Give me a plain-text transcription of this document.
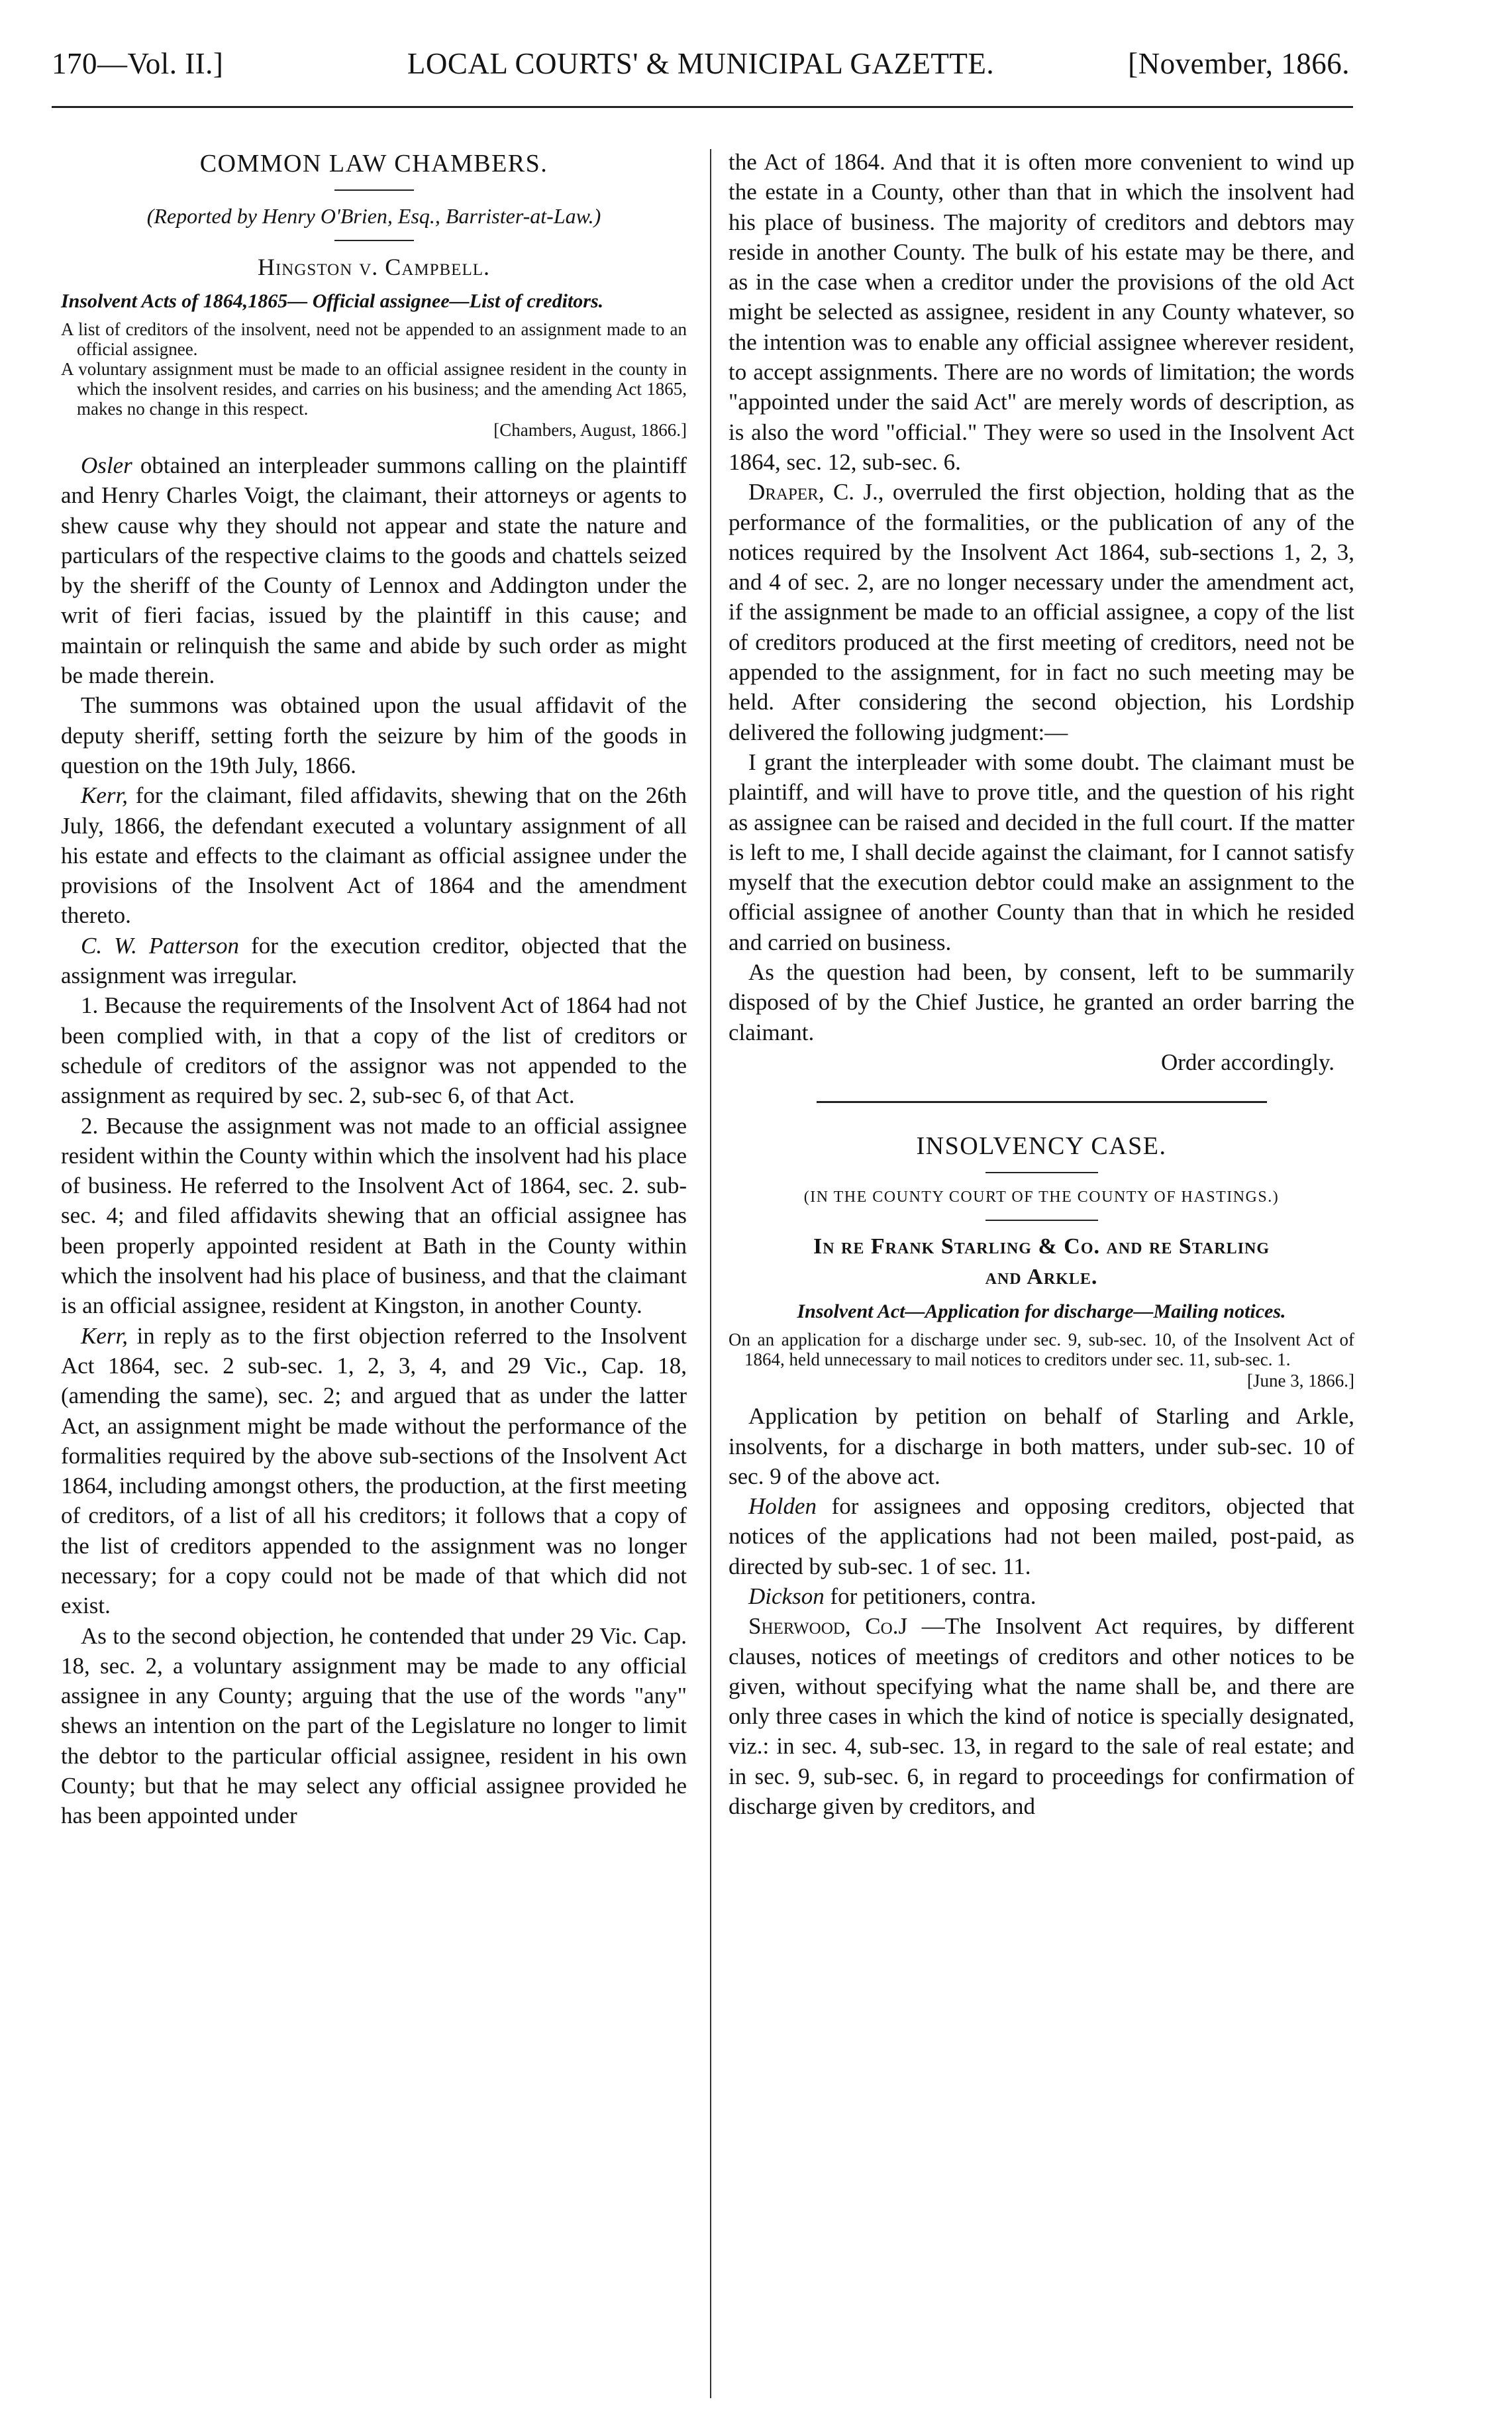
170—Vol. II.]	LOCAL COURTS' & MUNICIPAL GAZETTE.	[November, 1866.

COMMON LAW CHAMBERS.

(Reported by Henry O'Brien, Esq., Barrister-at-Law.)

Hingston v. Campbell.

Insolvent Acts of 1864,1865— Official assignee—List of creditors.

A list of creditors of the insolvent, need not be appended to an assignment made to an official assignee.

A voluntary assignment must be made to an official assignee resident in the county in which the insolvent resides, and carries on his business; and the amending Act 1865, makes no change in this respect.

[Chambers, August, 1866.]

Osler obtained an interpleader summons calling on the plaintiff and Henry Charles Voigt, the claimant, their attorneys or agents to shew cause why they should not appear and state the nature and particulars of the respective claims to the goods and chattels seized by the sheriff of the County of Lennox and Addington under the writ of fieri facias, issued by the plaintiff in this cause; and maintain or relinquish the same and abide by such order as might be made therein.

The summons was obtained upon the usual affidavit of the deputy sheriff, setting forth the seizure by him of the goods in question on the 19th July, 1866.

Kerr, for the claimant, filed affidavits, shewing that on the 26th July, 1866, the defendant executed a voluntary assignment of all his estate and effects to the claimant as official assignee under the provisions of the Insolvent Act of 1864 and the amendment thereto.

C. W. Patterson for the execution creditor, objected that the assignment was irregular.

1. Because the requirements of the Insolvent Act of 1864 had not been complied with, in that a copy of the list of creditors or schedule of creditors of the assignor was not appended to the assignment as required by sec. 2, sub-sec 6, of that Act.

2. Because the assignment was not made to an official assignee resident within the County within which the insolvent had his place of business. He referred to the Insolvent Act of 1864, sec. 2. sub-sec. 4; and filed affidavits shewing that an official assignee has been properly appointed resident at Bath in the County within which the insolvent had his place of business, and that the claimant is an official assignee, resident at Kingston, in another County.

Kerr, in reply as to the first objection referred to the Insolvent Act 1864, sec. 2 sub-sec. 1, 2, 3, 4, and 29 Vic., Cap. 18, (amending the same), sec. 2; and argued that as under the latter Act, an assignment might be made without the performance of the formalities required by the above sub-sections of the Insolvent Act 1864, including amongst others, the production, at the first meeting of creditors, of a list of all his creditors; it follows that a copy of the list of creditors appended to the assignment was no longer necessary; for a copy could not be made of that which did not exist.

As to the second objection, he contended that under 29 Vic. Cap. 18, sec. 2, a voluntary assignment may be made to any official assignee in any County; arguing that the use of the words "any" shews an intention on the part of the Legislature no longer to limit the debtor to the particular official assignee, resident in his own County; but that he may select any official assignee provided he has been appointed under

the Act of 1864. And that it is often more convenient to wind up the estate in a County, other than that in which the insolvent had his place of business. The majority of creditors and debtors may reside in another County. The bulk of his estate may be there, and as in the case when a creditor under the provisions of the old Act might be selected as assignee, resident in any County whatever, so the intention was to enable any official assignee wherever resident, to accept assignments. There are no words of limitation; the words "appointed under the said Act" are merely words of description, as is also the word "official." They were so used in the Insolvent Act 1864, sec. 12, sub-sec. 6.

Draper, C. J., overruled the first objection, holding that as the performance of the formalities, or the publication of any of the notices required by the Insolvent Act 1864, sub-sections 1, 2, 3, and 4 of sec. 2, are no longer necessary under the amendment act, if the assignment be made to an official assignee, a copy of the list of creditors produced at the first meeting of creditors, need not be appended to the assignment, for in fact no such meeting may be held. After considering the second objection, his Lordship delivered the following judgment:—

I grant the interpleader with some doubt. The claimant must be plaintiff, and will have to prove title, and the question of his right as assignee can be raised and decided in the full court. If the matter is left to me, I shall decide against the claimant, for I cannot satisfy myself that the execution debtor could make an assignment to the official assignee of another County than that in which he resided and carried on business.

As the question had been, by consent, left to be summarily disposed of by the Chief Justice, he granted an order barring the claimant.

Order accordingly.

INSOLVENCY CASE.

(IN THE COUNTY COURT OF THE COUNTY OF HASTINGS.)

In re Frank Starling & Co. and re Starling

and Arkle.

Insolvent Act—Application for discharge—Mailing notices.

On an application for a discharge under sec. 9, sub-sec. 10, of the Insolvent Act of 1864, held unnecessary to mail notices to creditors under sec. 11, sub-sec. 1.

[June 3, 1866.]

Application by petition on behalf of Starling and Arkle, insolvents, for a discharge in both matters, under sub-sec. 10 of sec. 9 of the above act.

Holden for assignees and opposing creditors, objected that notices of the applications had not been mailed, post-paid, as directed by sub-sec. 1 of sec. 11.

Dickson for petitioners, contra.

Sherwood, Co.J —The Insolvent Act requires, by different clauses, notices of meetings of creditors and other notices to be given, without specifying what the name shall be, and there are only three cases in which the kind of notice is specially designated, viz.: in sec. 4, sub-sec. 13, in regard to the sale of real estate; and in sec. 9, sub-sec. 6, in regard to proceedings for confirmation of discharge given by creditors, and
